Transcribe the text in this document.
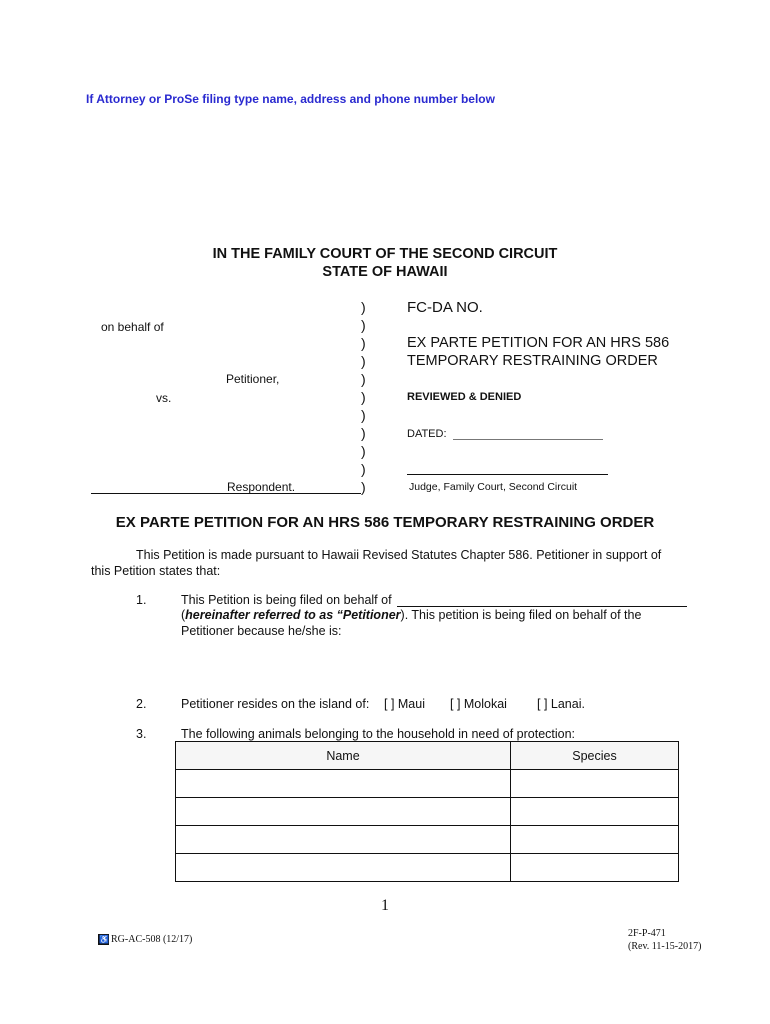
If Attorney or ProSe filing type name, address and phone number below
IN THE FAMILY COURT OF THE SECOND CIRCUIT
STATE OF HAWAII
on behalf of
Petitioner,
vs.
Respondent.
)
)
)
)
)
)
)
)
)
)
)
FC-DA NO.
EX PARTE PETITION FOR AN HRS 586
TEMPORARY RESTRAINING ORDER
REVIEWED & DENIED
DATED:
Judge, Family Court, Second Circuit
EX PARTE PETITION FOR AN HRS 586 TEMPORARY RESTRAINING ORDER
This Petition is made pursuant to Hawaii Revised Statutes Chapter 586. Petitioner in support of
this Petition states that:
1.	This Petition is being filed on behalf of
(hereinafter referred to as “Petitioner). This petition is being filed on behalf of the
Petitioner because he/she is:
2.	Petitioner resides on the island of: [ ] Maui [ ] Molokai [ ] Lanai.
3.	The following animals belonging to the household in need of protection:
Name	Species

1
♿ RG-AC-508 (12/17)
2F-P-471
(Rev. 11-15-2017)
